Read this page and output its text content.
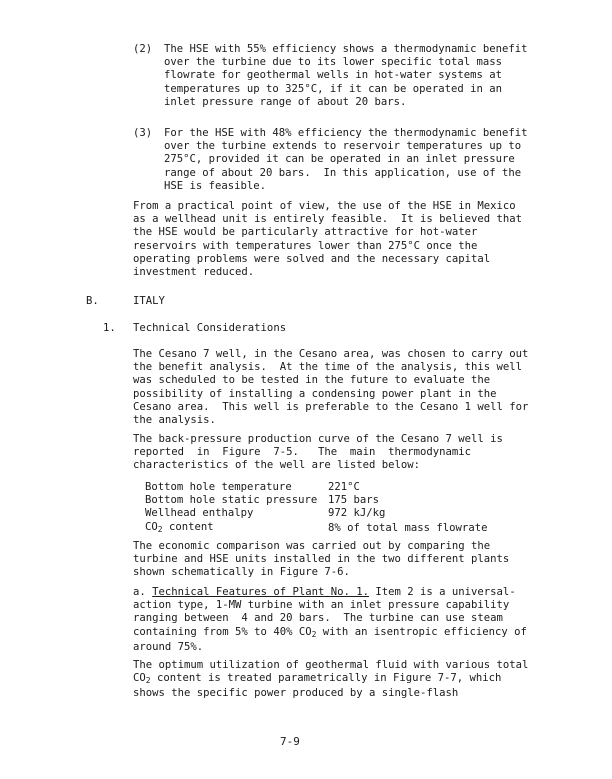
(2) The HSE with 55% efficiency shows a thermodynamic benefit
over the turbine due to its lower specific total mass
flowrate for geothermal wells in hot-water systems at
temperatures up to 325°C, if it can be operated in an
inlet pressure range of about 20 bars.
(3) For the HSE with 48% efficiency the thermodynamic benefit
over the turbine extends to reservoir temperatures up to
275°C, provided it can be operated in an inlet pressure
range of about 20 bars.  In this application, use of the
HSE is feasible.
From a practical point of view, the use of the HSE in Mexico
as a wellhead unit is entirely feasible.  It is believed that
the HSE would be particularly attractive for hot-water
reservoirs with temperatures lower than 275°C once the
operating problems were solved and the necessary capital
investment reduced.
B.	ITALY
1. Technical Considerations
The Cesano 7 well, in the Cesano area, was chosen to carry out
the benefit analysis.  At the time of the analysis, this well
was scheduled to be tested in the future to evaluate the
possibility of installing a condensing power plant in the
Cesano area.  This well is preferable to the Cesano 1 well for
the analysis.
The back-pressure production curve of the Cesano 7 well is
reported  in  Figure  7-5.   The  main  thermodynamic
characteristics of the well are listed below:
Bottom hole temperature	221°C
Bottom hole static pressure	175 bars
Wellhead enthalpy	972 kJ/kg
$CO_2$ content	8% of total mass flowrate
The economic comparison was carried out by comparing the
turbine and HSE units installed in the two different plants
shown schematically in Figure 7-6.
a. Technical Features of Plant No. 1. Item 2 is a universal-
action type, 1-MW turbine with an inlet pressure capability
ranging between  4 and 20 bars.  The turbine can use steam
containing from 5% to 40% $CO_2$ with an isentropic efficiency of
around 75%.
The optimum utilization of geothermal fluid with various total
$CO_2$ content is treated parametrically in Figure 7-7, which
shows the specific power produced by a single-flash
7-9
